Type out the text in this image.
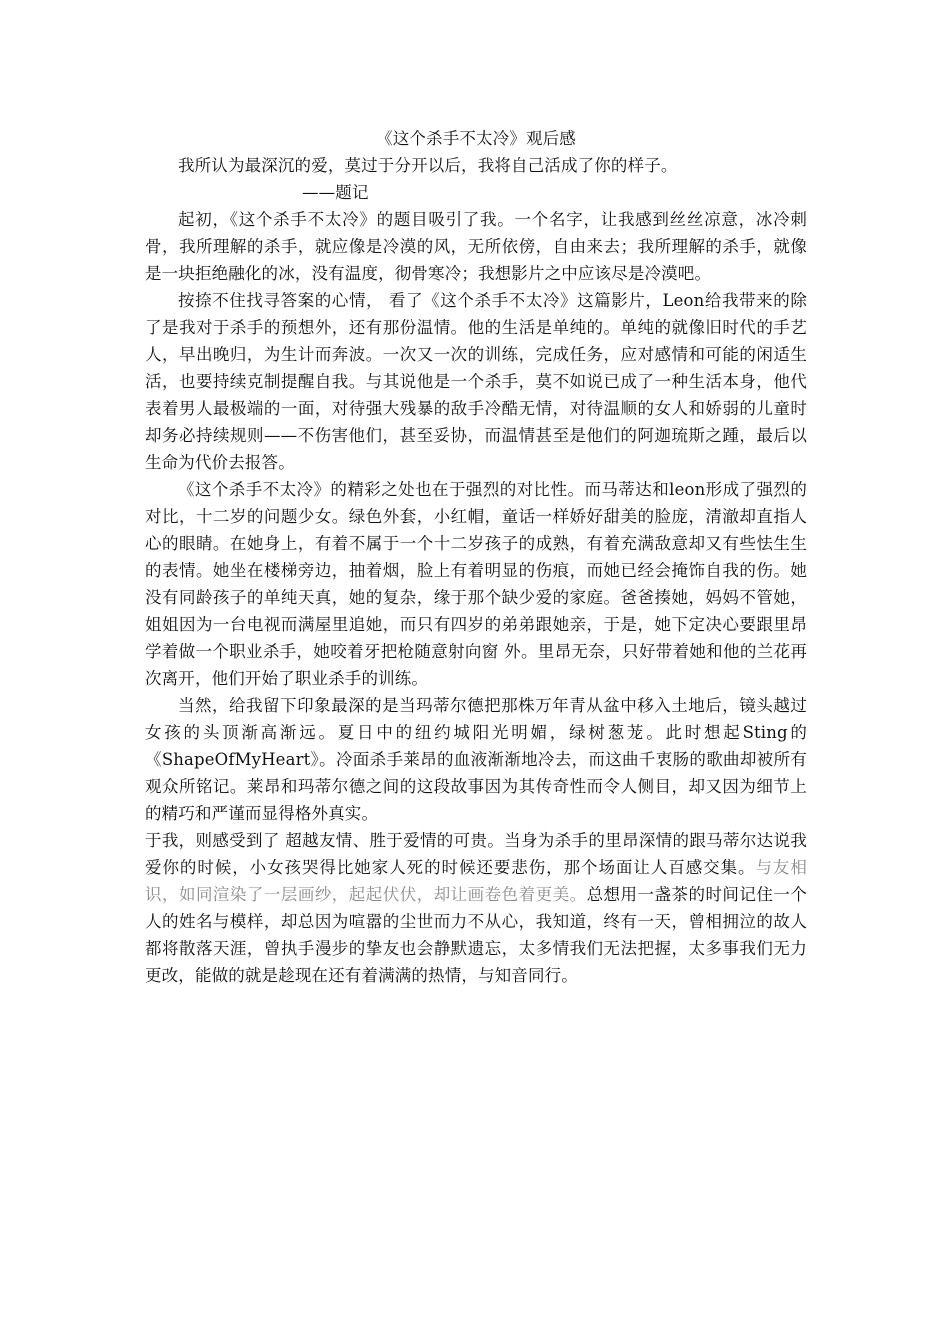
《这个杀手不太冷》观后感

我所认为最深沉的爱，莫过于分开以后，我将自己活成了你的样子。

——题记

起初，《这个杀手不太冷》的题目吸引了我。一个名字，让我感到丝丝凉意，冰冷刺骨，我所理解的杀手，就应像是冷漠的风，无所依傍，自由来去；我所理解的杀手，就像是一块拒绝融化的冰，没有温度，彻骨寒冷；我想影片之中应该尽是冷漠吧。

按捺不住找寻答案的心情， 看了《这个杀手不太冷》这篇影片，Leon给我带来的除了是我对于杀手的预想外，还有那份温情。他的生活是单纯的。单纯的就像旧时代的手艺人，早出晚归，为生计而奔波。一次又一次的训练，完成任务，应对感情和可能的闲适生活，也要持续克制提醒自我。与其说他是一个杀手，莫不如说已成了一种生活本身，他代表着男人最极端的一面，对待强大残暴的敌手冷酷无情，对待温顺的女人和娇弱的儿童时却务必持续规则——不伤害他们，甚至妥协，而温情甚至是他们的阿迦琉斯之踵，最后以生命为代价去报答。

《这个杀手不太冷》的精彩之处也在于强烈的对比性。而马蒂达和leon形成了强烈的对比，十二岁的问题少女。绿色外套，小红帽，童话一样娇好甜美的脸庞，清澈却直指人心的眼睛。在她身上，有着不属于一个十二岁孩子的成熟，有着充满敌意却又有些怯生生的表情。她坐在楼梯旁边，抽着烟，脸上有着明显的伤痕，而她已经会掩饰自我的伤。她没有同龄孩子的单纯天真，她的复杂，缘于那个缺少爱的家庭。爸爸揍她，妈妈不管她，姐姐因为一台电视而满屋里追她，而只有四岁的弟弟跟她亲，于是，她下定决心要跟里昂学着做一个职业杀手，她咬着牙把枪随意射向窗 外。里昂无奈，只好带着她和他的兰花再次离开，他们开始了职业杀手的训练。

当然，给我留下印象最深的是当玛蒂尔德把那株万年青从盆中移入土地后，镜头越过女孩的头顶渐高渐远。夏日中的纽约城阳光明媚，绿树葱茏。此时想起Sting的《ShapeOfMyHeart》。冷面杀手莱昂的血液渐渐地冷去，而这曲千衷肠的歌曲却被所有观众所铭记。莱昂和玛蒂尔德之间的这段故事因为其传奇性而令人侧目，却又因为细节上的精巧和严谨而显得格外真实。

于我，则感受到了 超越友情、胜于爱情的可贵。当身为杀手的里昂深情的跟马蒂尔达说我爱你的时候，小女孩哭得比她家人死的时候还要悲伤，那个场面让人百感交集。与友相识，如同渲染了一层画纱，起起伏伏，却让画卷色着更美。总想用一盏茶的时间记住一个人的姓名与模样，却总因为喧嚣的尘世而力不从心，我知道，终有一天，曾相拥泣的故人都将散落天涯，曾执手漫步的挚友也会静默遗忘，太多情我们无法把握，太多事我们无力更改，能做的就是趁现在还有着满满的热情，与知音同行。
